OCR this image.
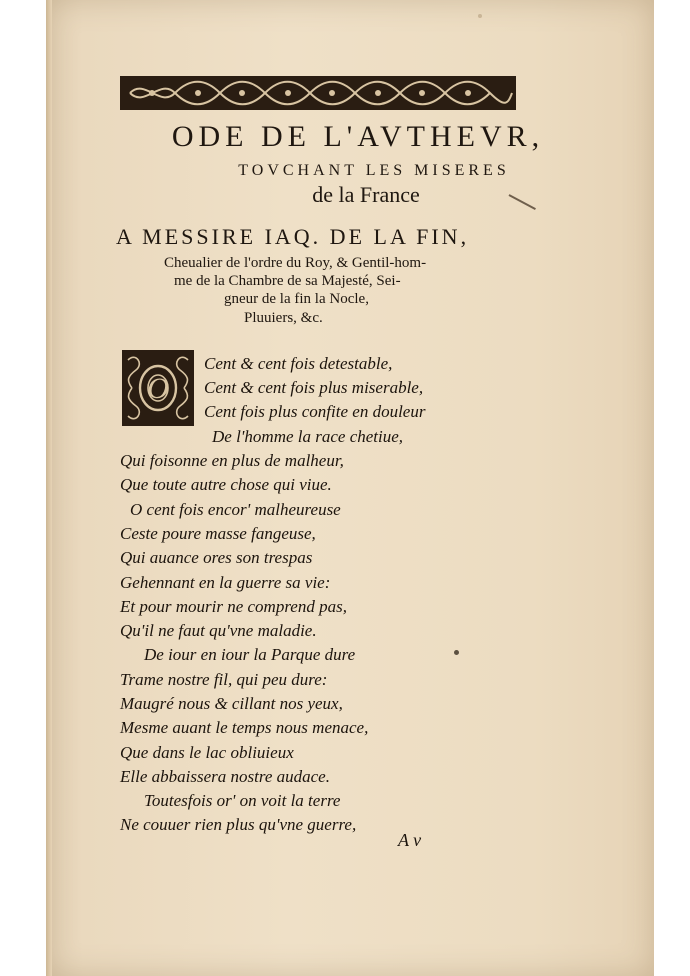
ODE DE L'AVTHEVR,
TOVCHANT LES MISERES
de la France
A MESSIRE IAQ. DE LA FIN,
Cheualier de l'ordre du Roy, & Gentil-hom-
me de la Chambre de sa Majesté, Sei-
gneur de la fin la Nocle,
Pluuiers, &c.
O
Cent & cent fois detestable,
Cent & cent fois plus miserable,
Cent fois plus confite en douleur
De l'homme la race chetiue,
Qui foisonne en plus de malheur,
Que toute autre chose qui viue.
O cent fois encor' malheureuse
Ceste poure masse fangeuse,
Qui auance ores son trespas
Gehennant en la guerre sa vie:
Et pour mourir ne comprend pas,
Qu'il ne faut qu'vne maladie.
De iour en iour la Parque dure
Trame nostre fil, qui peu dure:
Maugré nous & cillant nos yeux,
Mesme auant le temps nous menace,
Que dans le lac obliuieux
Elle abbaissera nostre audace.
Toutesfois or' on voit la terre
Ne couuer rien plus qu'vne guerre,
A v
